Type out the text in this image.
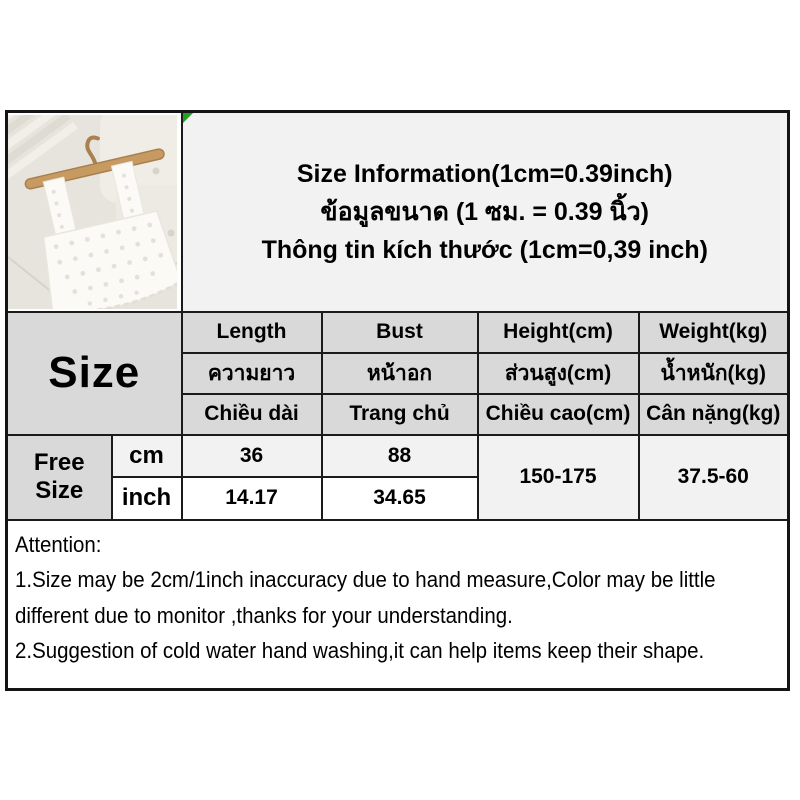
Size Information(1cm=0.39inch)
ข้อมูลขนาด (1 ซม. = 0.39 นิ้ว)
Thông tin kích thước (1cm=0,39 inch)			

Size		Length	Bust	Height(cm)	Weight(kg)
		ความยาว	หน้าอก	ส่วนสูง(cm)	น้ำหนัก(kg)
		Chiều dài	Trang chủ	Chiều cao(cm)	Cân nặng(kg)
Free Size	cm	36	88	150-175	37.5-60
	inch	14.17	34.65		

Attention:
1.Size may be 2cm/1inch inaccuracy due to hand measure,Color may be little
different due to monitor ,thanks for your understanding.
2.Suggestion of cold water hand washing,it can help items keep their shape.					
